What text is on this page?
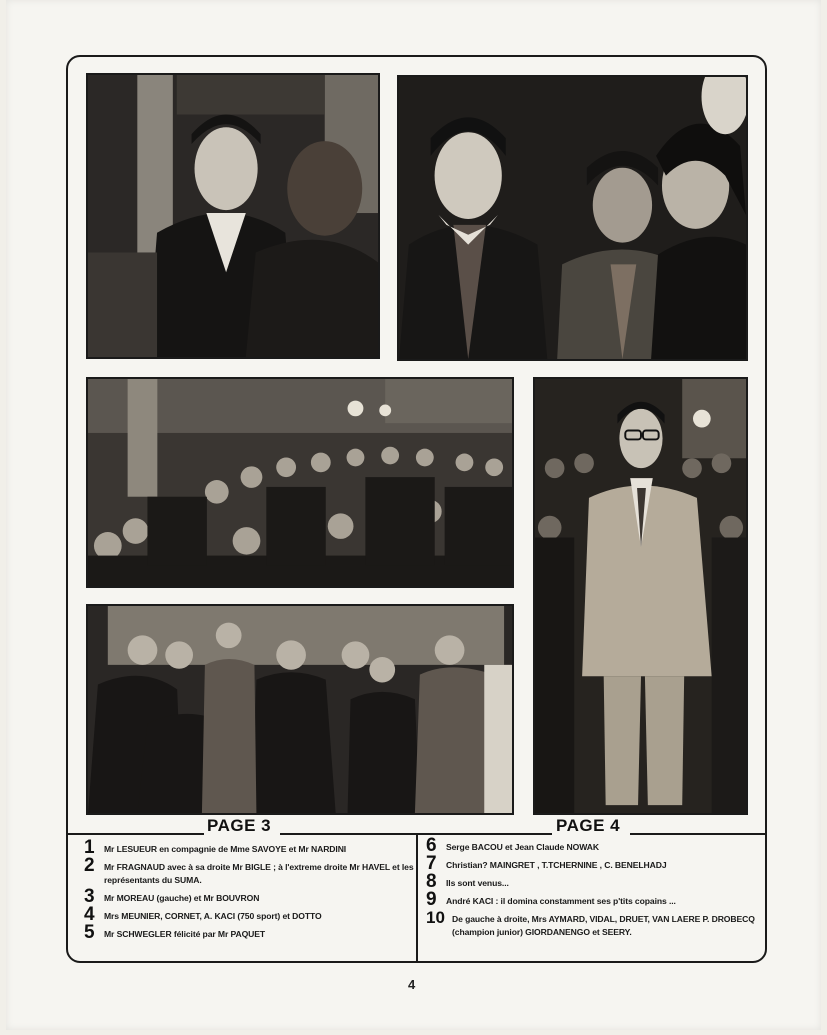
PAGE 3	PAGE 4
1	Mr LESUEUR en compagnie de Mme SAVOYE et Mr NARDINI
2	Mr FRAGNAUD avec à sa droite Mr BIGLE ; à l'extreme droite Mr HAVEL et les représentants du SUMA.
3	Mr MOREAU (gauche) et Mr BOUVRON
4	Mrs MEUNIER, CORNET, A. KACI (750 sport) et DOTTO
5	Mr SCHWEGLER félicité par Mr PAQUET
6	Serge BACOU et Jean Claude NOWAK
7	Christian? MAINGRET , T.TCHERNINE , C. BENELHADJ
8	Ils sont venus...
9	André KACI : il domina constamment ses p'tits copains ...
10 De gauche à droite, Mrs AYMARD, VIDAL, DRUET, VAN LAERE P. DROBECQ (champion junior) GIORDANENGO et SEERY.
4
